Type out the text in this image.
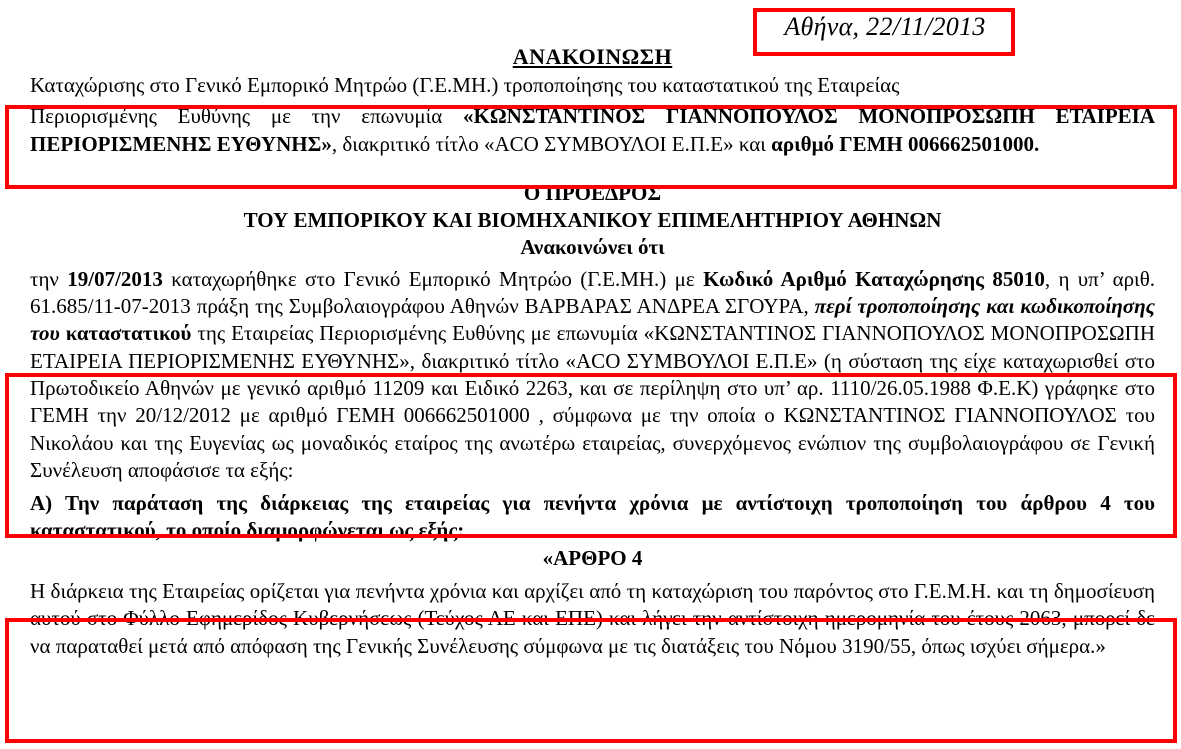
Αθήνα, 22/11/2013
ΑΝΑΚΟΙΝΩΣΗ

Καταχώρισης στο Γενικό Εμπορικό Μητρώο (Γ.Ε.ΜΗ.) τροποποίησης του καταστατικού της Εταιρείας

Περιορισμένης Ευθύνης με την επωνυμία «ΚΩΝΣΤΑΝΤΙΝΟΣ ΓΙΑΝΝΟΠΟΥΛΟΣ ΜΟΝΟΠΡΟΣΩΠΗ ΕΤΑΙΡΕΙΑ ΠΕΡΙΟΡΙΣΜΕΝΗΣ ΕΥΘΥΝΗΣ», διακριτικό τίτλο «ACO ΣΥΜΒΟΥΛΟΙ Ε.Π.Ε» και αριθμό ΓΕΜΗ 006662501000.

Ο ΠΡΟΕΔΡΟΣ

ΤΟΥ ΕΜΠΟΡΙΚΟΥ ΚΑΙ ΒΙΟΜΗΧΑΝΙΚΟΥ ΕΠΙΜΕΛΗΤΗΡΙΟΥ ΑΘΗΝΩΝ

Ανακοινώνει ότι

την 19/07/2013 καταχωρήθηκε στο Γενικό Εμπορικό Μητρώο (Γ.Ε.ΜΗ.) με Κωδικό Αριθμό Καταχώρησης 85010, η υπ’ αριθ. 61.685/11-07-2013 πράξη της Συμβολαιογράφου Αθηνών ΒΑΡΒΑΡΑΣ ΑΝΔΡΕΑ ΣΓΟΥΡΑ, περί τροποποίησης και κωδικοποίησης του καταστατικού της Εταιρείας Περιορισμένης Ευθύνης με επωνυμία «ΚΩΝΣΤΑΝΤΙΝΟΣ ΓΙΑΝΝΟΠΟΥΛΟΣ ΜΟΝΟΠΡΟΣΩΠΗ ΕΤΑΙΡΕΙΑ ΠΕΡΙΟΡΙΣΜΕΝΗΣ ΕΥΘΥΝΗΣ», διακριτικό τίτλο «ACO ΣΥΜΒΟΥΛΟΙ Ε.Π.Ε» (η σύσταση της είχε καταχωρισθεί στο Πρωτοδικείο Αθηνών με γενικό αριθμό 11209 και Ειδικό 2263, και σε περίληψη στο υπ’ αρ. 1110/26.05.1988 Φ.Ε.Κ) γράφηκε στο ΓΕΜΗ την 20/12/2012 με αριθμό ΓΕΜΗ 006662501000 , σύμφωνα με την οποία ο ΚΩΝΣΤΑΝΤΙΝΟΣ ΓΙΑΝΝΟΠΟΥΛΟΣ του Νικολάου και της Ευγενίας ως μοναδικός εταίρος της ανωτέρω εταιρείας, συνερχόμενος ενώπιον της συμβολαιογράφου σε Γενική Συνέλευση αποφάσισε τα εξής:

Α) Την παράταση της διάρκειας της εταιρείας για πενήντα χρόνια με αντίστοιχη τροποποίηση του άρθρου 4 του καταστατικού, το οποίο διαμορφώνεται ως εξής:

«ΑΡΘΡΟ 4

Η διάρκεια της Εταιρείας ορίζεται για πενήντα χρόνια και αρχίζει από τη καταχώριση του παρόντος στο Γ.Ε.Μ.Η. και τη δημοσίευση αυτού στο Φύλλο Εφημερίδος Κυβερνήσεως (Τεύχος ΑΕ και ΕΠΕ) και λήγει την αντίστοιχη ημερομηνία του έτους 2063, μπορεί δε να παραταθεί μετά από απόφαση της Γενικής Συνέλευσης σύμφωνα με τις διατάξεις του Νόμου 3190/55, όπως ισχύει σήμερα.»
